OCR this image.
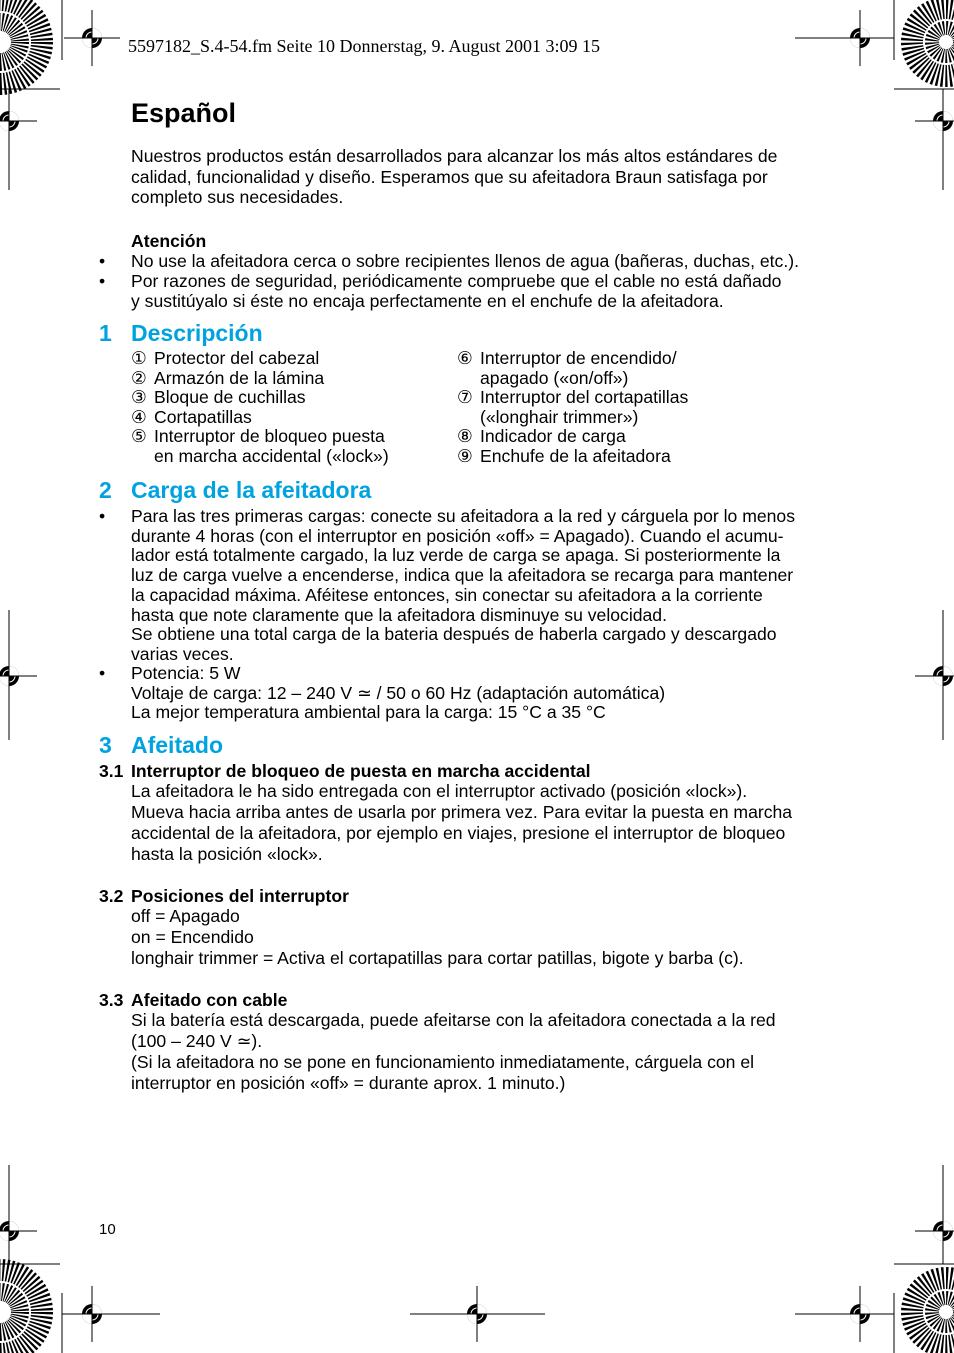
5597182_S.4-54.fm Seite 10 Donnerstag, 9. August 2001 3:09 15
Español
Nuestros productos están desarrollados para alcanzar los más altos estándares de
calidad, funcionalidad y diseño. Esperamos que su afeitadora Braun satisfaga por
completo sus necesidades.
Atención
•	No use la afeitadora cerca o sobre recipientes llenos de agua (bañeras, duchas, etc.).
•	Por razones de seguridad, periódicamente compruebe que el cable no está dañado
y sustitúyalo si éste no encaja perfectamente en el enchufe de la afeitadora.
1 Descripción
① Protector del cabezal
② Armazón de la lámina
③ Bloque de cuchillas
④ Cortapatillas
⑤ Interruptor de bloqueo puesta
en marcha accidental («lock»)
⑥ Interruptor de encendido/
apagado («on/off»)
⑦ Interruptor del cortapatillas
(«longhair trimmer»)
⑧ Indicador de carga
⑨ Enchufe de la afeitadora
2 Carga de la afeitadora
•	Para las tres primeras cargas: conecte su afeitadora a la red y cárguela por lo menos
durante 4 horas (con el interruptor en posición «off» = Apagado). Cuando el acumu-
lador está totalmente cargado, la luz verde de carga se apaga. Si posteriormente la
luz de carga vuelve a encenderse, indica que la afeitadora se recarga para mantener
la capacidad máxima. Aféitese entonces, sin conectar su afeitadora a la corriente
hasta que note claramente que la afeitadora disminuye su velocidad.
Se obtiene una total carga de la bateria después de haberla cargado y descargado
varias veces.
•	Potencia: 5 W
Voltaje de carga: 12 – 240 V ≃ / 50 o 60 Hz (adaptación automática)
La mejor temperatura ambiental para la carga: 15 °C a 35 °C
3 Afeitado
3.1 Interruptor de bloqueo de puesta en marcha accidental
La afeitadora le ha sido entregada con el interruptor activado (posición «lock»).
Mueva hacia arriba antes de usarla por primera vez. Para evitar la puesta en marcha
accidental de la afeitadora, por ejemplo en viajes, presione el interruptor de bloqueo
hasta la posición «lock».
3.2 Posiciones del interruptor
off = Apagado
on = Encendido
longhair trimmer = Activa el cortapatillas para cortar patillas, bigote y barba (c).
3.3 Afeitado con cable
Si la batería está descargada, puede afeitarse con la afeitadora conectada a la red
(100 – 240 V ≃).
(Si la afeitadora no se pone en funcionamiento inmediatamente, cárguela con el
interruptor en posición «off» = durante aprox. 1 minuto.)
10
